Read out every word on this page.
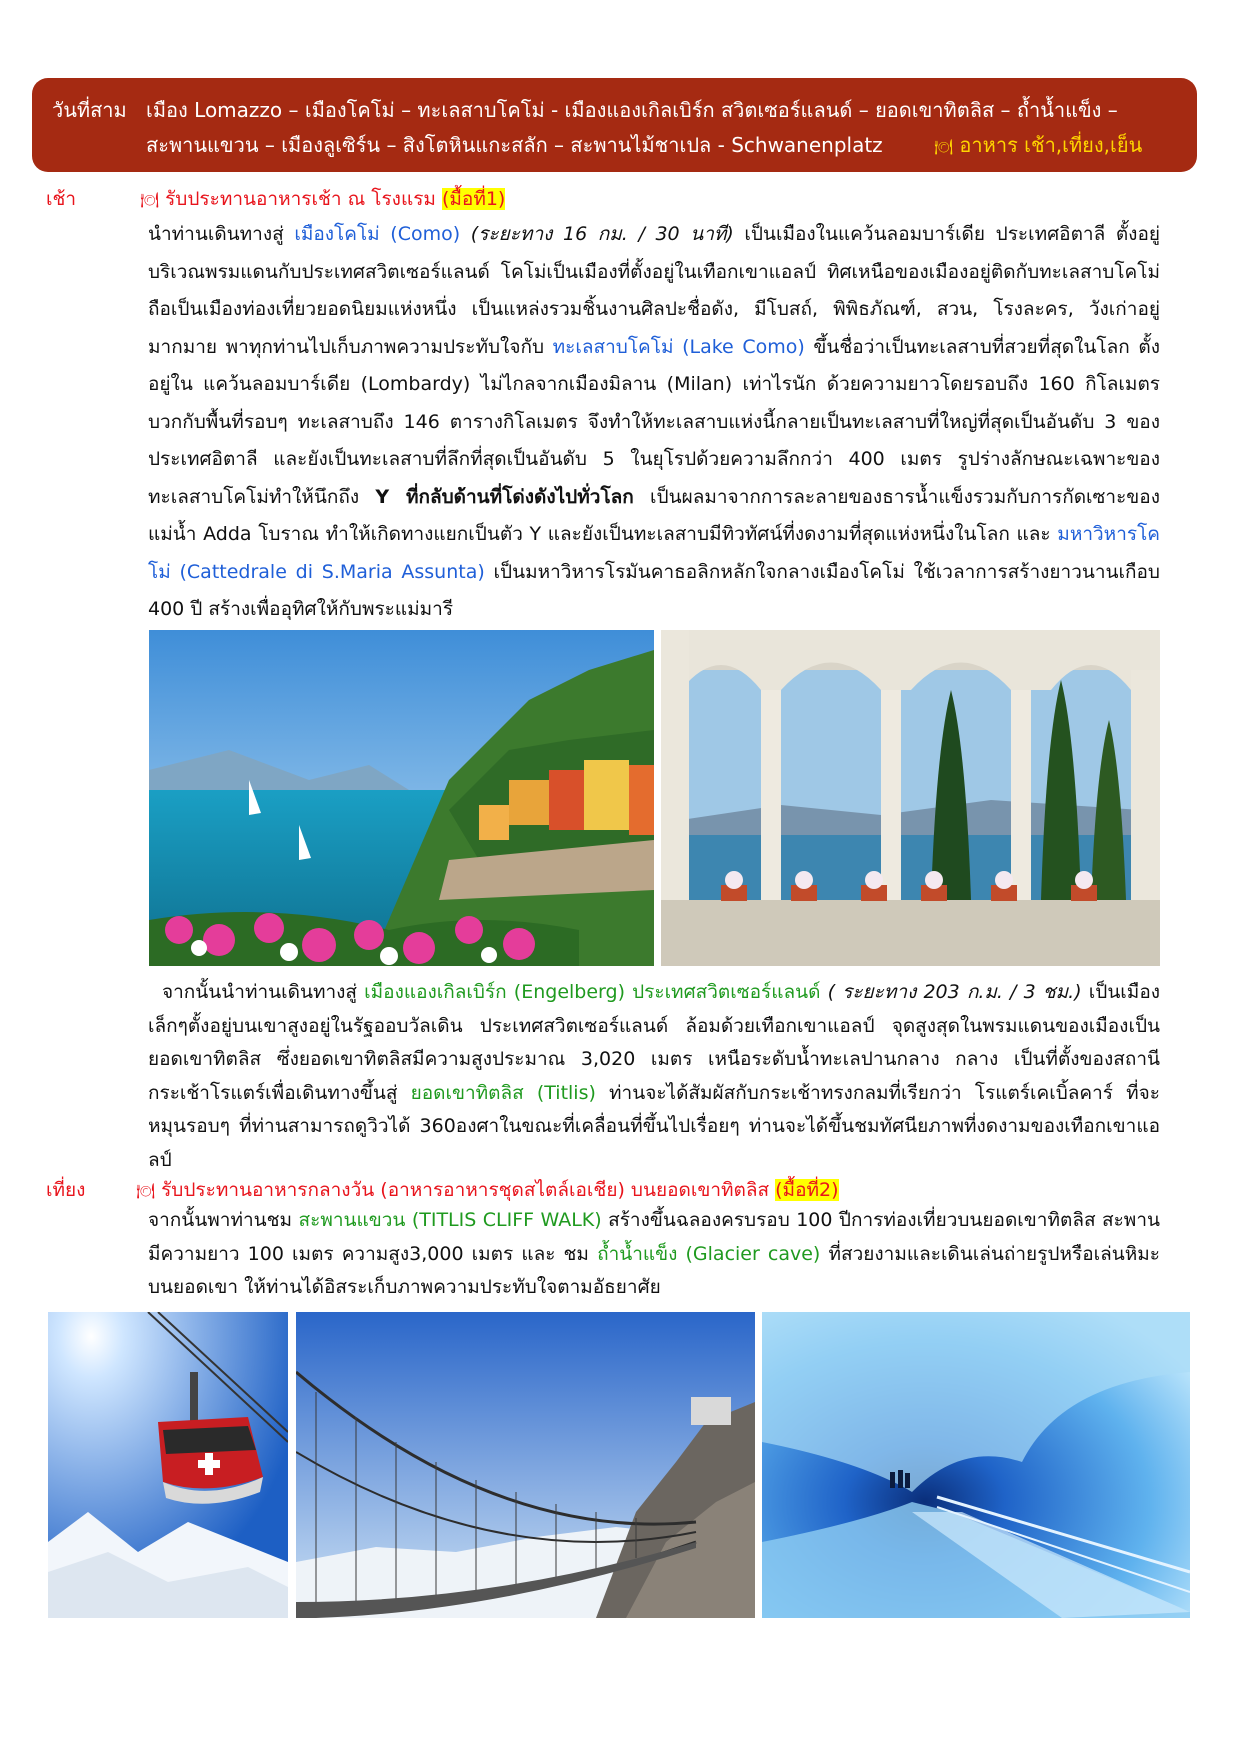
วันที่สาม เมือง Lomazzo – เมืองโคโม่ – ทะเลสาบโคโม่ - เมืองแองเกิลเบิร์ก สวิตเซอร์แลนด์ – ยอดเขาทิตลิส – ถ้ำน้ำแข็ง –
สะพานแขวน – เมืองลูเซิร์น – สิงโตหินแกะสลัก – สะพานไม้ชาเปล - Schwanenplatz	🍽 อาหาร เช้า,เที่ยง,เย็น
เช้า	🍽 รับประทานอาหารเช้า ณ โรงแรม (มื้อที่1)
นำท่านเดินทางสู่ เมืองโคโม่ (Como) (ระยะทาง 16 กม. / 30 นาที) เป็นเมืองในแคว้นลอมบาร์เดีย ประเทศอิตาลี ตั้งอยู่บริเวณพรมแดนกับประเทศสวิตเซอร์แลนด์ โคโม่เป็นเมืองที่ตั้งอยู่ในเทือกเขาแอลป์ ทิศเหนือของเมืองอยู่ติดกับทะเลสาบโคโม่ ถือเป็นเมืองท่องเที่ยวยอดนิยมแห่งหนึ่ง เป็นแหล่งรวมชิ้นงานศิลปะชื่อดัง, มีโบสถ์, พิพิธภัณฑ์, สวน, โรงละคร, วังเก่าอยู่มากมาย พาทุกท่านไปเก็บภาพความประทับใจกับ ทะเลสาบโคโม่ (Lake Como) ขึ้นชื่อว่าเป็นทะเลสาบที่สวยที่สุดในโลก ตั้งอยู่ใน แคว้นลอมบาร์เดีย (Lombardy) ไม่ไกลจากเมืองมิลาน (Milan) เท่าไรนัก ด้วยความยาวโดยรอบถึง 160 กิโลเมตร บวกกับพื้นที่รอบๆ ทะเลสาบถึง 146 ตารางกิโลเมตร จึงทำให้ทะเลสาบแห่งนี้กลายเป็นทะเลสาบที่ใหญ่ที่สุดเป็นอันดับ 3 ของประเทศอิตาลี และยังเป็นทะเลสาบที่ลึกที่สุดเป็นอันดับ 5 ในยุโรปด้วยความลึกกว่า 400 เมตร รูปร่างลักษณะเฉพาะของทะเลสาบโคโม่ทำให้นึกถึง Y ที่กลับด้านที่โด่งดังไปทั่วโลก เป็นผลมาจากการละลายของธารน้ำแข็งรวมกับการกัดเซาะของแม่น้ำ Adda โบราณ ทำให้เกิดทางแยกเป็นตัว Y และยังเป็นทะเลสาบมีทิวทัศน์ที่งดงามที่สุดแห่งหนึ่งในโลก และ มหาวิหารโคโม่ (Cattedrale di S.Maria Assunta) เป็นมหาวิหารโรมันคาธอลิกหลักใจกลางเมืองโคโม่ ใช้เวลาการสร้างยาวนานเกือบ 400 ปี สร้างเพื่ออุทิศให้กับพระแม่มารี
จากนั้นนำท่านเดินทางสู่ เมืองแองเกิลเบิร์ก (Engelberg) ประเทศสวิตเซอร์แลนด์ ( ระยะทาง 203 ก.ม. / 3 ชม.) เป็นเมืองเล็กๆตั้งอยู่บนเขาสูงอยู่ในรัฐออบวัลเดิน ประเทศสวิตเซอร์แลนด์ ล้อมด้วยเทือกเขาแอลป์ จุดสูงสุดในพรมแดนของเมืองเป็นยอดเขาทิตลิส ซึ่งยอดเขาทิตลิสมีความสูงประมาณ 3,020 เมตร เหนือระดับน้ำทะเลปานกลาง กลาง เป็นที่ตั้งของสถานีกระเช้าโรแตร์เพื่อเดินทางขึ้นสู่ ยอดเขาทิตลิส (Titlis) ท่านจะได้สัมผัสกับกระเช้าทรงกลมที่เรียกว่า โรแตร์เคเบิ้ลคาร์ ที่จะหมุนรอบๆ ที่ท่านสามารถดูวิวได้ 360องศาในขณะที่เคลื่อนที่ขึ้นไปเรื่อยๆ ท่านจะได้ขึ้นชมทัศนียภาพที่งดงามของเทือกเขาแอลป์
เที่ยง	🍽 รับประทานอาหารกลางวัน (อาหารอาหารชุดสไตล์เอเชีย) บนยอดเขาทิตลิส (มื้อที่2)
จากนั้นพาท่านชม สะพานแขวน (TITLIS CLIFF WALK) สร้างขึ้นฉลองครบรอบ 100 ปีการท่องเที่ยวบนยอดเขาทิตลิส สะพานมีความยาว 100 เมตร ความสูง3,000 เมตร และ ชม ถ้ำน้ำแข็ง (Glacier cave) ที่สวยงามและเดินเล่นถ่ายรูปหรือเล่นหิมะบนยอดเขา ให้ท่านได้อิสระเก็บภาพความประทับใจตามอัธยาศัย
